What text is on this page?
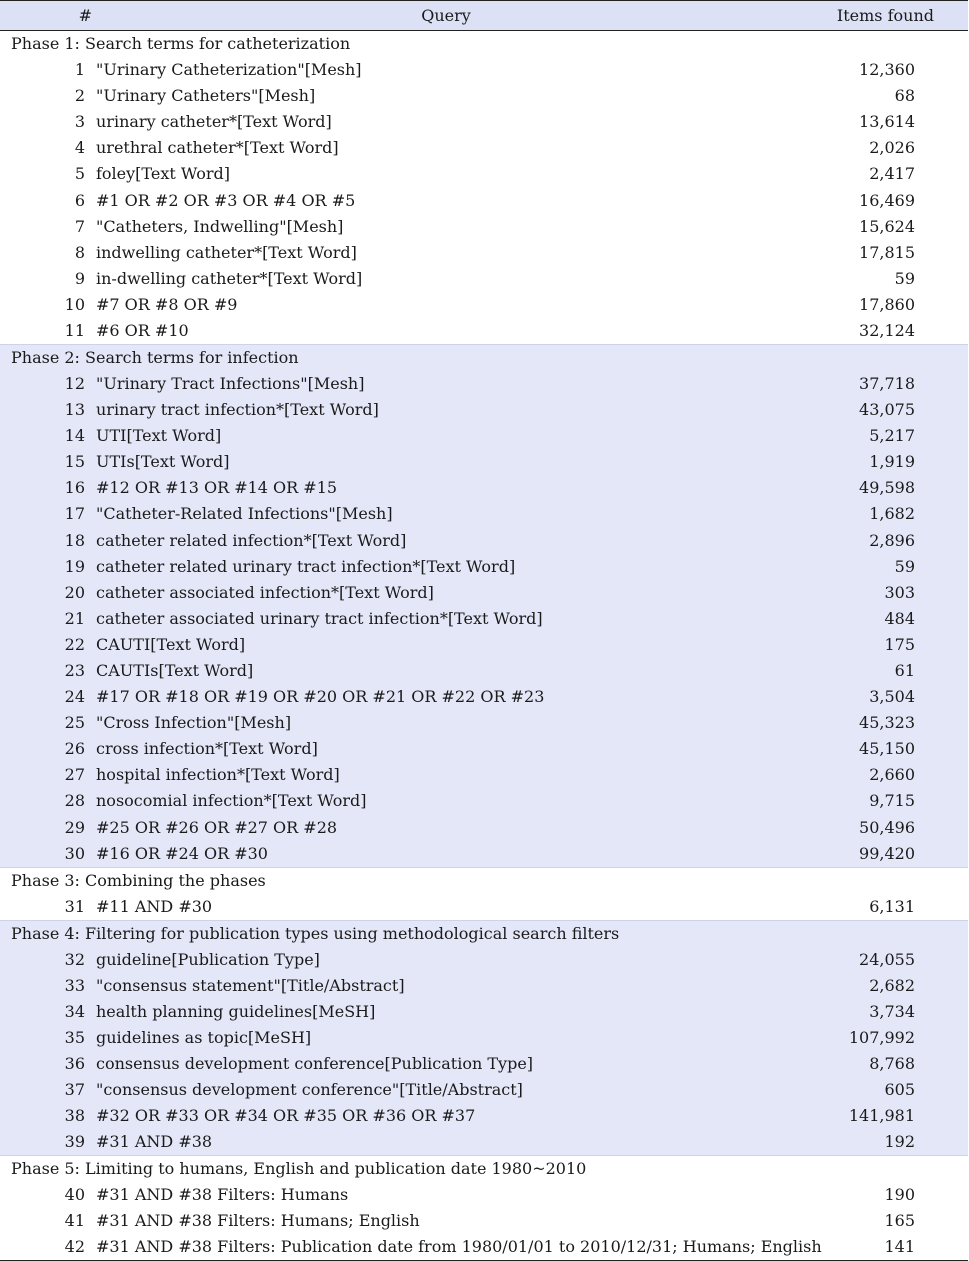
#	Query	Items found
Phase 1: Search terms for catheterization		
1	"Urinary Catheterization"[Mesh]	12,360
2	"Urinary Catheters"[Mesh]	68
3	urinary catheter*[Text Word]	13,614
4	urethral catheter*[Text Word]	2,026
5	foley[Text Word]	2,417
6	#1 OR #2 OR #3 OR #4 OR #5	16,469
7	"Catheters, Indwelling"[Mesh]	15,624
8	indwelling catheter*[Text Word]	17,815
9	in-dwelling catheter*[Text Word]	59
10	#7 OR #8 OR #9	17,860
11	#6 OR #10	32,124
Phase 2: Search terms for infection		
12	"Urinary Tract Infections"[Mesh]	37,718
13	urinary tract infection*[Text Word]	43,075
14	UTI[Text Word]	5,217
15	UTIs[Text Word]	1,919
16	#12 OR #13 OR #14 OR #15	49,598
17	"Catheter-Related Infections"[Mesh]	1,682
18	catheter related infection*[Text Word]	2,896
19	catheter related urinary tract infection*[Text Word]	59
20	catheter associated infection*[Text Word]	303
21	catheter associated urinary tract infection*[Text Word]	484
22	CAUTI[Text Word]	175
23	CAUTIs[Text Word]	61
24	#17 OR #18 OR #19 OR #20 OR #21 OR #22 OR #23	3,504
25	"Cross Infection"[Mesh]	45,323
26	cross infection*[Text Word]	45,150
27	hospital infection*[Text Word]	2,660
28	nosocomial infection*[Text Word]	9,715
29	#25 OR #26 OR #27 OR #28	50,496
30	#16 OR #24 OR #30	99,420
Phase 3: Combining the phases		
31	#11 AND #30	6,131
Phase 4: Filtering for publication types using methodological search filters		
32	guideline[Publication Type]	24,055
33	"consensus statement"[Title/Abstract]	2,682
34	health planning guidelines[MeSH]	3,734
35	guidelines as topic[MeSH]	107,992
36	consensus development conference[Publication Type]	8,768
37	"consensus development conference"[Title/Abstract]	605
38	#32 OR #33 OR #34 OR #35 OR #36 OR #37	141,981
39	#31 AND #38	192
Phase 5: Limiting to humans, English and publication date 1980~2010		
40	#31 AND #38 Filters: Humans	190
41	#31 AND #38 Filters: Humans; English	165
42	#31 AND #38 Filters: Publication date from 1980/01/01 to 2010/12/31; Humans; English	141
